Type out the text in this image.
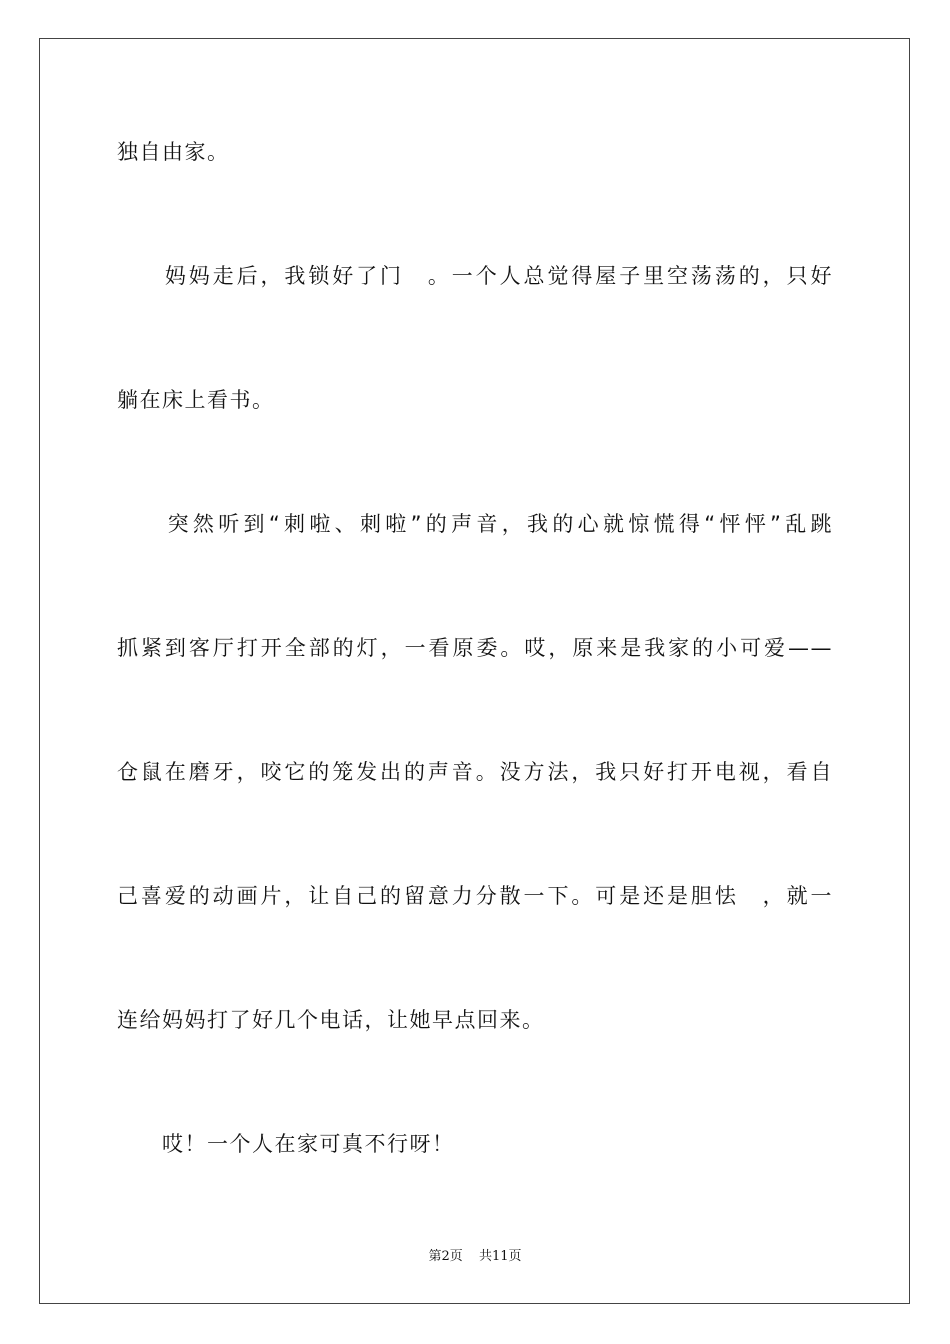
独自由家。
　　妈妈走后，我锁好了门　。一个人总觉得屋子里空荡荡的，只好
躺在床上看书。
　　突然听到“刺啦、刺啦”的声音，我的心就惊慌得“怦怦”乱跳
抓紧到客厅打开全部的灯，一看原委。哎，原来是我家的小可爱——
仓鼠在磨牙，咬它的笼发出的声音。没方法，我只好打开电视，看自
己喜爱的动画片，让自己的留意力分散一下。可是还是胆怯　，就一
连给妈妈打了好几个电话，让她早点回来。
　　哎！一个人在家可真不行呀！
第2页 共11页
